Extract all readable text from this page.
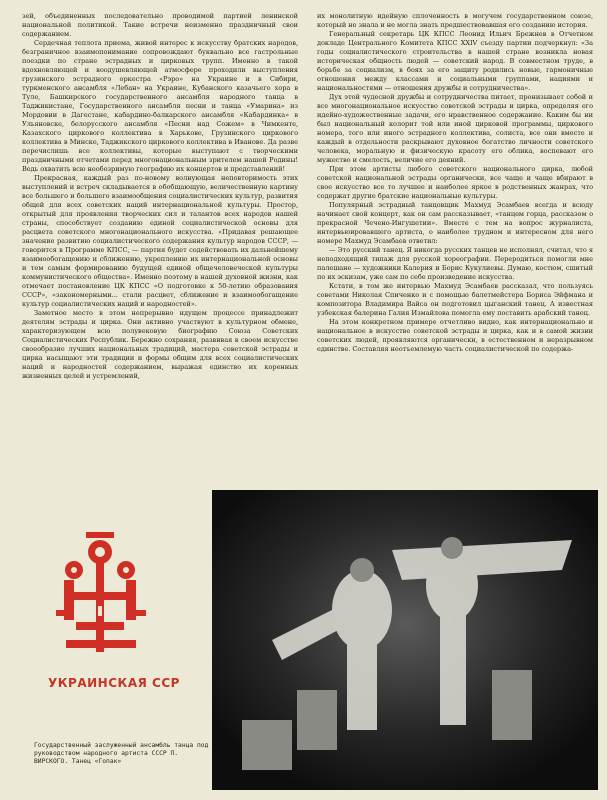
зей, объединенных последовательно проводимой партией ленинской национальной политикой. Такие встречи неизменно праздничный свои содержанием.

Сердечная теплота приема, живой интерес к искусству братских народов, безграничное взаимопонимание сопровождают буквально все гастрольные поездки по стране эстрадных и цирковых трупп. Именно в такой вдохновляющей и воодушевляющей атмосфере проходили выступления грузинского эстрадного оркестра «Рэро» на Украине и в Сибири, туркменского ансамбля «Лебан» на Украине, Кубанского казачьего хора в Туле, Башкирского государственного ансамбля народного танца в Таджикистане, Государственного ансамбля песни и танца «Умарина» из Мордовии в Дагестане, кабардино-балкарского ансамбля «Кабардинка» в Ульяновске, белорусского ансамбля «Песни над Сожем» в Чимкенте, Казахского циркового коллектива в Харькове, Грузинского циркового коллектива в Минске, Таджикского циркового коллектива в Иванове. Да разве перечислишь все коллективы, которые выступают с творческими праздничными отчетами перед многонациональным зрителем нашей Родины! Ведь охватить всю необозримую географию их концертов и представлений!

Прекрасная, каждый раз по-новому волнующая неповторимость этих выступлений и встреч складывается в обобщающую, величественную картину все большего и большего взаимообщения социалистических культур, развития общей для всех советских наций интернациональной культуры. Простор, открытый для проявления творческих сил и талантов всех народов нашей страны, способствует созданию единой социалистической основы для расцвета советского многонационального искусства. «Придавая решающее значение развитию социалистического содержания культур народов СССР, — говорится в Программе КПСС, — партия будет содействовать их дальнейшему взаимообогащению и сближению, укреплению их интернациональной основы и тем самым формированию будущей единой общечеловеческой культуры коммунистического общества». Именно поэтому в нашей духовной жизни, как отмечает постановление ЦК КПСС «О подготовке к 50-летию образования СССР», «закономерными... стали расцвет, сближение и взаимообогащение культур социалистических наций и народностей».

Заметное место в этом непрерывно идущем процессе принадлежит деятелям эстрады и цирка. Они активно участвуют в культурном обмене, характеризующем всю полувековую биографию Союза Советских Социалистических Республик. Бережно сохраняя, развивая в своем искусстве своеобразие лучших национальных традиций, мастера советской эстрады и цирка насыщают эти традиции и формы общим для всех социалистических наций и народностей содержанием, выражая единство их коренных жизненных целей и устремлений,

их монолитную идейную сплоченность в могучем государственном союзе, который не знала и не могла знать предшествовавшая его созданию история.

Генеральный секретарь ЦК КПСС Леонид Ильич Брежнев в Отчетном докладе Центрального Комитета КПСС XXIV съезду партии подчеркнул: «За годы социалистического строительства в нашей стране возникла новая историческая общность людей — советский народ. В совместном труде, в борьбе за социализм, в боях за его защиту родились новые, гармоничные отношения между классами и социальными группами, нациями и национальностями — отношения дружбы и сотрудничества».

Дух этой чудесной дружбы и сотрудничества питает, пронизывает собой и все многонациональное искусство советской эстрады и цирка, определяя его идейно-художественные задачи, его нравственное содержание. Каким бы ни был национальный колорит той или иной цирковой программы, циркового номера, того или иного эстрадного коллектива, солиста, все они вместе и каждый в отдельности раскрывают духовное богатство личности советского человека, моральную и физическую красоту его облика, воспевают его мужество и смелость, величие его деяний.

При этом артисты любого советского национального цирка, любой советской национальной эстрады органически, все чаще и чаще вбирают в свое искусство все то лучшее и наиболее яркое в родственных жанрах, что содержат другие братские национальные культуры.

Популярный эстрадный танцовщик Махмуд Эсамбаев всегда и всюду начинает свой концерт, как он сам рассказывает, «танцем горца, рассказом о прекрасной Чечено-Ингушетии». Вместе с тем на вопрос журналиста, интервьюировавшего артиста, о наиболее трудном и интересном для него номере Махмуд Эсамбаев ответил:

— Это русский танец. Я никогда русских танцев не исполнял, считал, что я неподходящий типаж для русской хореографии. Переродиться помогли мне палешане — художники Калерия и Борис Кукулиевы. Думаю, костюм, сшитый по их эскизам, уже сам по себе произведение искусства.

Кстати, в том же интервью Махмуд Эсамбаев рассказал, что пользуясь советами Николая Спиченко и с помощью балетмейстера Бориса Эйфмана и композитора Владимира Вайса он подготовил цыганский танец. А известная узбекская балерина Галия Измайлова помогла ему поставить арабский танец.

На этом конкретном примере отчетливо видно, как интернационально и национальное в искусстве советской эстрады и цирка, как и в самой жизни советских людей, проявляются органически, в естественном и неразрывном единстве. Составляя неотъемлемую часть социалистической по содержа-

УКРАИНСКАЯ ССР
Государственный заслуженный ансамбль танца под руководством народного артиста СССР П. ВИРСКОГО. Танец «Гопак»
